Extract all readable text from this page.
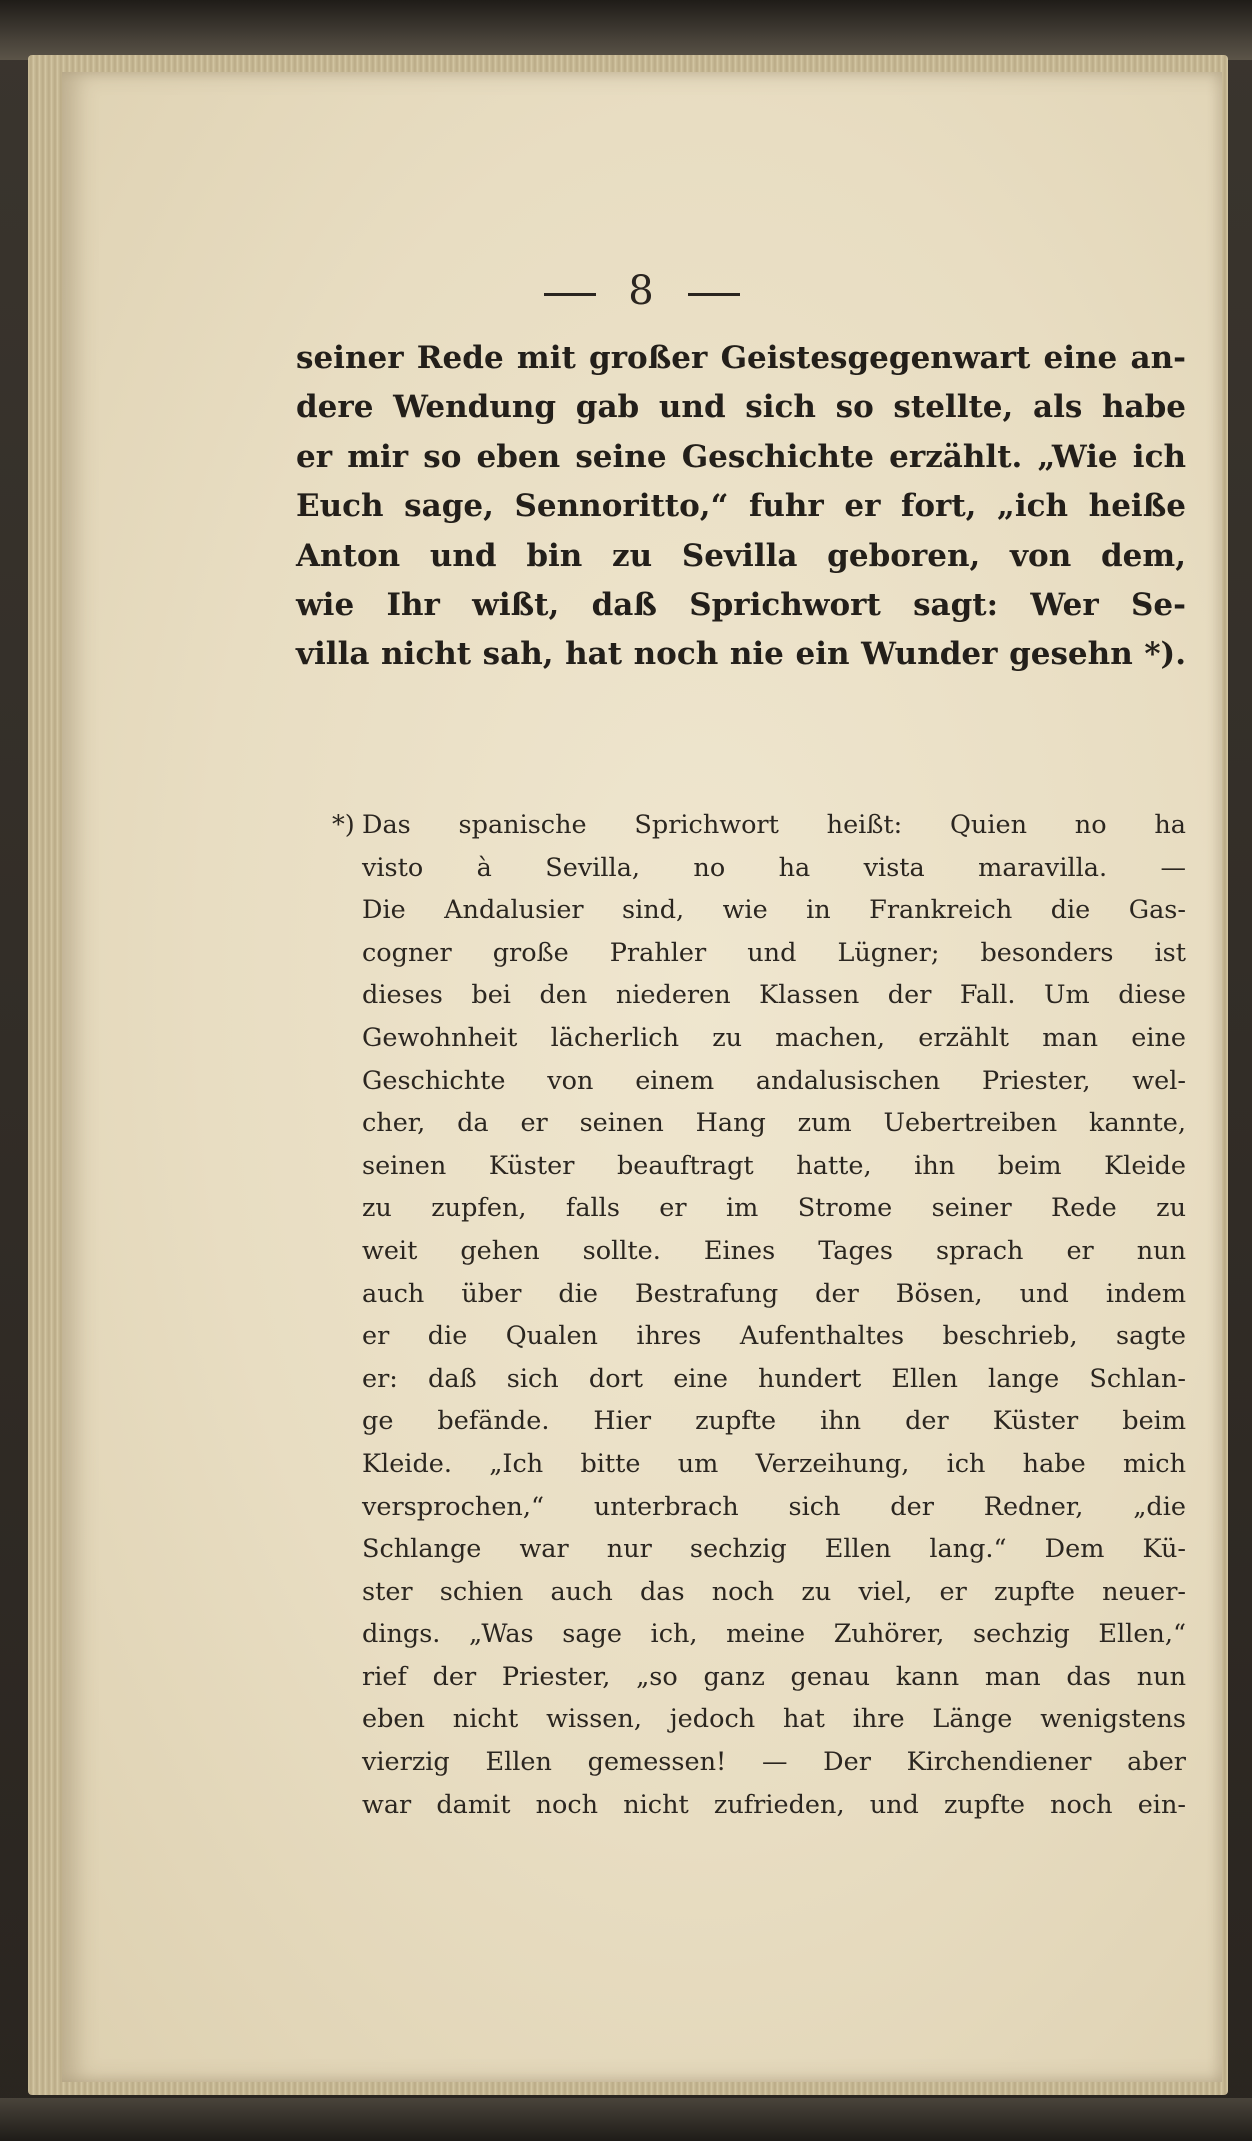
8
seiner Rede mit großer Geistesgegenwart eine an-
dere Wendung gab und sich so stellte, als habe
er mir so eben seine Geschichte erzählt. „Wie ich
Euch sage, Sennoritto,“ fuhr er fort, „ich heiße
Anton und bin zu Sevilla geboren, von dem,
wie Ihr wißt, daß Sprichwort sagt: Wer Se-
villa nicht sah, hat noch nie ein Wunder gesehn *).
*) Das spanische Sprichwort heißt: Quien no ha
visto à Sevilla, no ha vista maravilla. —
Die Andalusier sind, wie in Frankreich die Gas-
cogner große Prahler und Lügner; besonders ist
dieses bei den niederen Klassen der Fall. Um diese
Gewohnheit lächerlich zu machen, erzählt man eine
Geschichte von einem andalusischen Priester, wel-
cher, da er seinen Hang zum Uebertreiben kannte,
seinen Küster beauftragt hatte, ihn beim Kleide
zu zupfen, falls er im Strome seiner Rede zu
weit gehen sollte. Eines Tages sprach er nun
auch über die Bestrafung der Bösen, und indem
er die Qualen ihres Aufenthaltes beschrieb, sagte
er: daß sich dort eine hundert Ellen lange Schlan-
ge befände. Hier zupfte ihn der Küster beim
Kleide. „Ich bitte um Verzeihung, ich habe mich
versprochen,“ unterbrach sich der Redner, „die
Schlange war nur sechzig Ellen lang.“ Dem Kü-
ster schien auch das noch zu viel, er zupfte neuer-
dings. „Was sage ich, meine Zuhörer, sechzig Ellen,“
rief der Priester, „so ganz genau kann man das nun
eben nicht wissen, jedoch hat ihre Länge wenigstens
vierzig Ellen gemessen! — Der Kirchendiener aber
war damit noch nicht zufrieden, und zupfte noch ein-
